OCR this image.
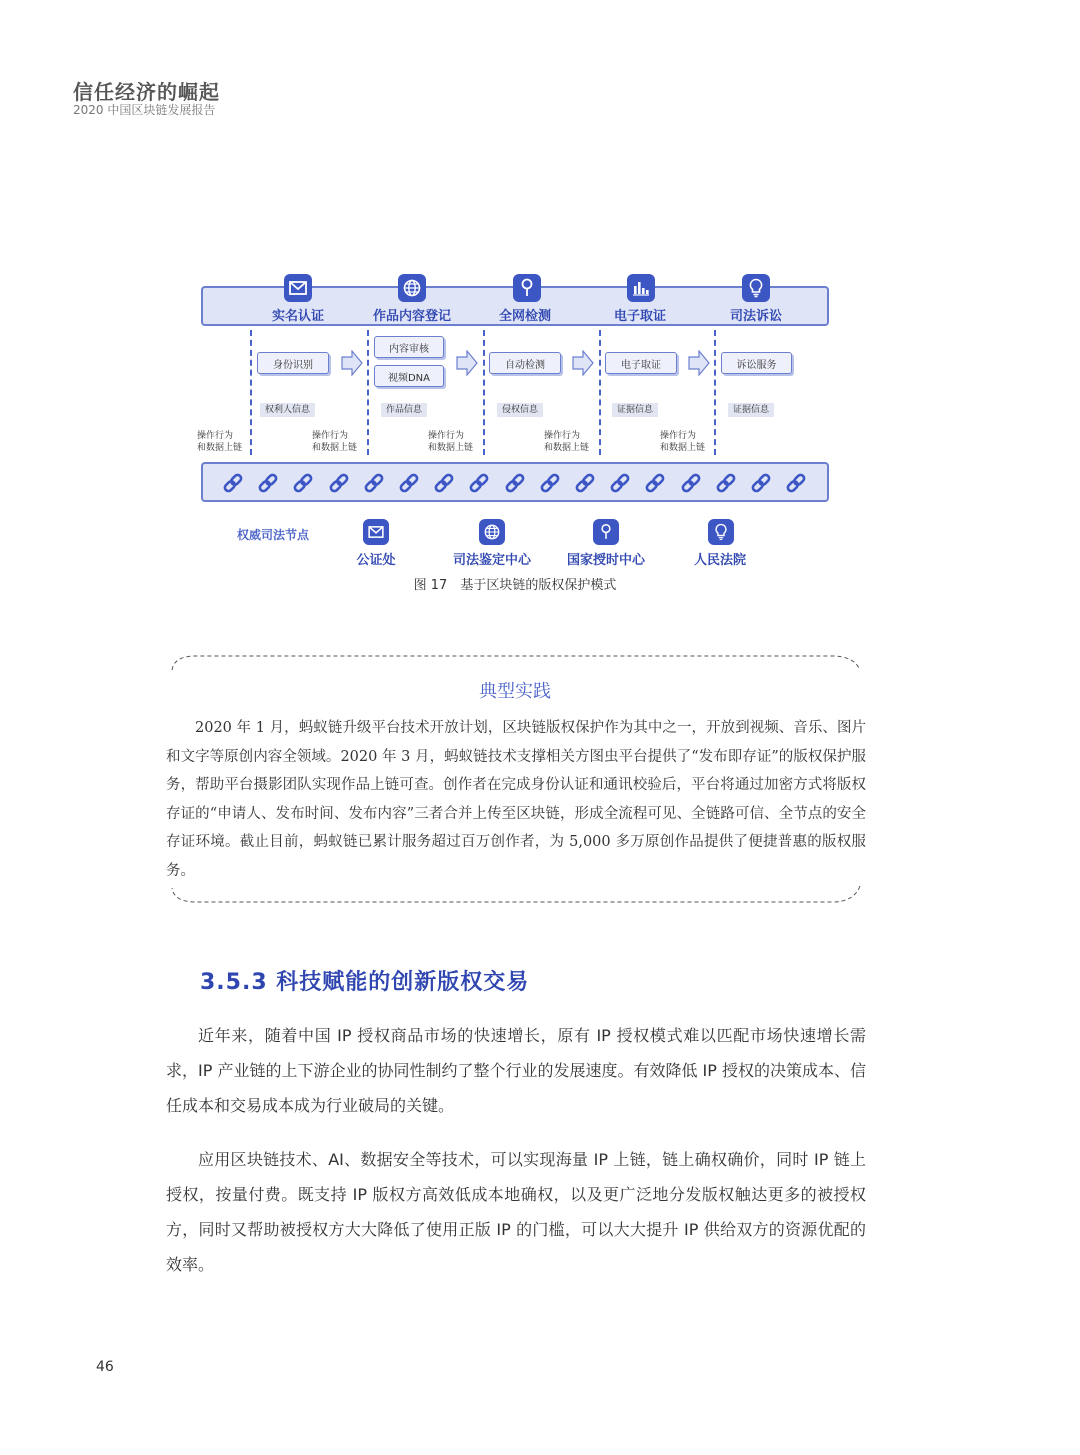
信任经济的崛起
2020 中国区块链发展报告
实名认证	作品内容登记	全网检测	电子取证	司法诉讼
身份识别
内容审核
视频DNA
自动检测	电子取证	诉讼服务
权利人信息	作品信息	侵权信息	证据信息	证据信息
操作行为
和数据上链
操作行为
和数据上链
操作行为
和数据上链
操作行为
和数据上链
操作行为
和数据上链
权威司法节点
公证处	司法鉴定中心	国家授时中心	人民法院
图 17　基于区块链的版权保护模式
典型实践

2020 年 1 月，蚂蚁链升级平台技术开放计划，区块链版权保护作为其中之一，开放到视频、音乐、图片和文字等原创内容全领域。2020 年 3 月，蚂蚁链技术支撑相关方图虫平台提供了“发布即存证”的版权保护服务，帮助平台摄影团队实现作品上链可查。创作者在完成身份认证和通讯校验后，平台将通过加密方式将版权存证的“申请人、发布时间、发布内容”三者合并上传至区块链，形成全流程可见、全链路可信、全节点的安全存证环境。截止目前，蚂蚁链已累计服务超过百万创作者，为 5,000 多万原创作品提供了便捷普惠的版权服务。

3.5.3 科技赋能的创新版权交易

近年来，随着中国 IP 授权商品市场的快速增长，原有 IP 授权模式难以匹配市场快速增长需求，IP 产业链的上下游企业的协同性制约了整个行业的发展速度。有效降低 IP 授权的决策成本、信任成本和交易成本成为行业破局的关键。

应用区块链技术、AI、数据安全等技术，可以实现海量 IP 上链，链上确权确价，同时 IP 链上授权，按量付费。既支持 IP 版权方高效低成本地确权，以及更广泛地分发版权触达更多的被授权方，同时又帮助被授权方大大降低了使用正版 IP 的门槛，可以大大提升 IP 供给双方的资源优配的效率。

46
